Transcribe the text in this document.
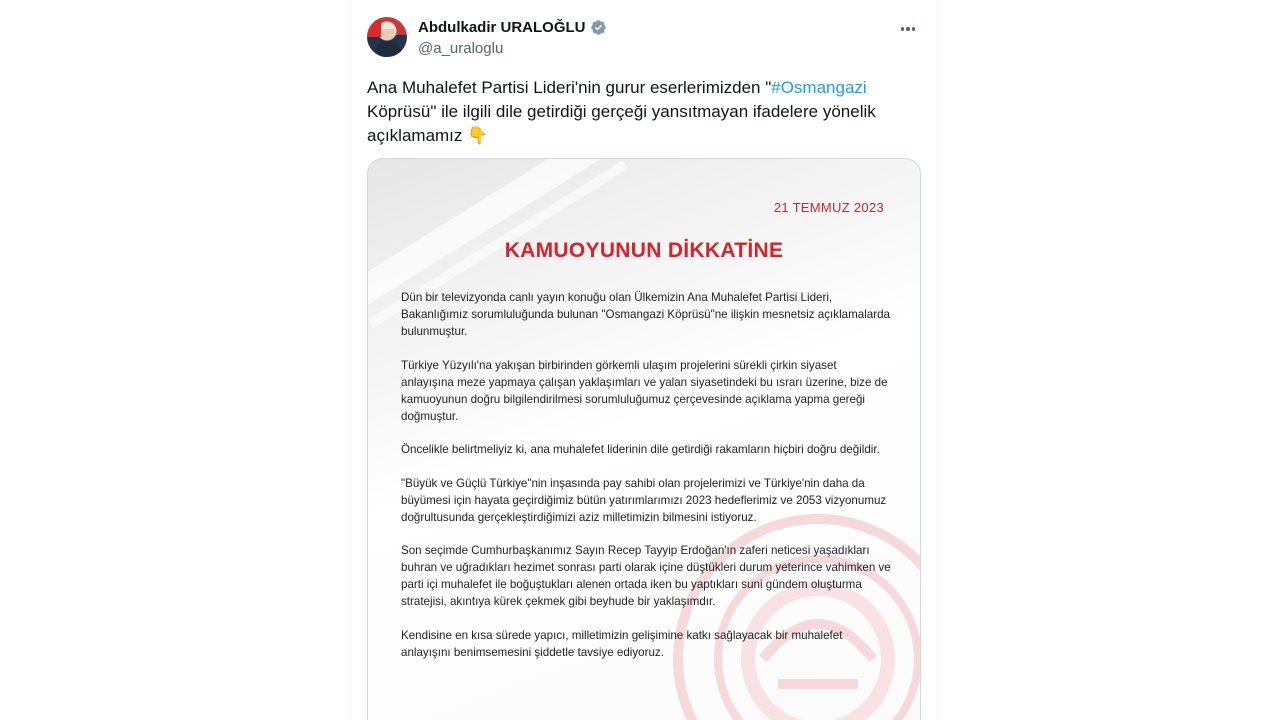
Abdulkadir URALOĞLU
@a_uraloglu
Ana Muhalefet Partisi Lideri'nin gurur eserlerimizden "#Osmangazi Köprüsü" ile ilgili dile getirdiği gerçeği yansıtmayan ifadelere yönelik açıklamamız 👇
21 TEMMUZ 2023
KAMUOYUNUN DİKKATİNE

Dün bir televizyonda canlı yayın konuğu olan Ülkemizin Ana Muhalefet Partisi Lideri, Bakanlığımız sorumluluğunda bulunan "Osmangazi Köprüsü"ne ilişkin mesnetsiz açıklamalarda bulunmuştur.

Türkiye Yüzyılı'na yakışan birbirinden görkemli ulaşım projelerini sürekli çirkin siyaset anlayışına meze yapmaya çalışan yaklaşımları ve yalan siyasetindeki bu ısrarı üzerine, bize de kamuoyunun doğru bilgilendirilmesi sorumluluğumuz çerçevesinde açıklama yapma gereği doğmuştur.

Öncelikle belirtmeliyiz ki, ana muhalefet liderinin dile getirdiği rakamların hiçbiri doğru değildir.

"Büyük ve Güçlü Türkiye"nin inşasında pay sahibi olan projelerimizi ve Türkiye'nin daha da büyümesi için hayata geçirdiğimiz bütün yatırımlarımızı 2023 hedeflerimiz ve 2053 vizyonumuz doğrultusunda gerçekleştirdiğimizi aziz milletimizin bilmesini istiyoruz.

Son seçimde Cumhurbaşkanımız Sayın Recep Tayyip Erdoğan'ın zaferi neticesi yaşadıkları buhran ve uğradıkları hezimet sonrası parti olarak içine düştükleri durum yeterince vahimken ve parti içi muhalefet ile boğuştukları alenen ortada iken bu yaptıkları suni gündem oluşturma stratejisi, akıntıya kürek çekmek gibi beyhude bir yaklaşımdır.

Kendisine en kısa sürede yapıcı, milletimizin gelişimine katkı sağlayacak bir muhalefet anlayışını benimsemesini şiddetle tavsiye ediyoruz.
